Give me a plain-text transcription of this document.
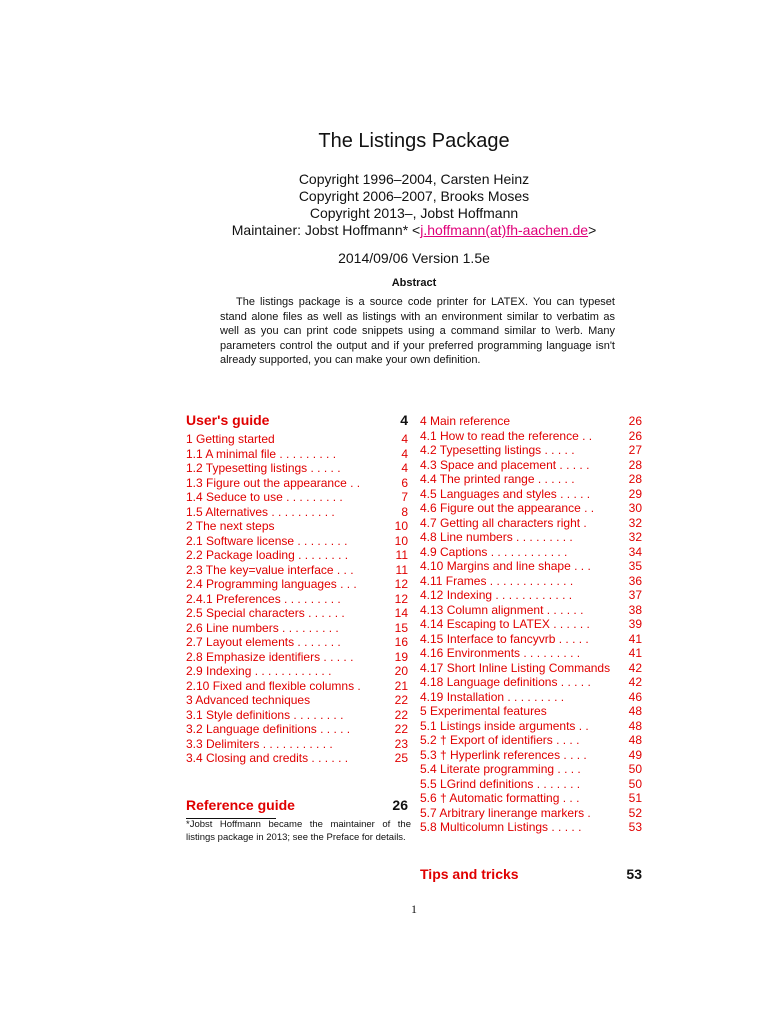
The Listings Package
Copyright 1996–2004, Carsten Heinz
Copyright 2006–2007, Brooks Moses
Copyright 2013–, Jobst Hoffmann
Maintainer: Jobst Hoffmann* <j.hoffmann(at)fh-aachen.de>
2014/09/06 Version 1.5e
Abstract
The listings package is a source code printer for LATEX. You can typeset stand alone files as well as listings with an environment similar to verbatim as well as you can print code snippets using a command similar to \verb. Many parameters control the output and if your preferred programming language isn't already supported, you can make your own definition.
User's guide	4
1 Getting started	4
1.1 A minimal file . . . . . . . . .	4
1.2 Typesetting listings . . . . .	4
1.3 Figure out the appearance . .	6
1.4 Seduce to use . . . . . . . . .	7
1.5 Alternatives . . . . . . . . . .	8
2 The next steps	10
2.1 Software license . . . . . . . .	10
2.2 Package loading . . . . . . . .	11
2.3 The key=value interface . . .	11
2.4 Programming languages . . .	12
2.4.1 Preferences . . . . . . . . .	12
2.5 Special characters . . . . . .	14
2.6 Line numbers . . . . . . . . .	15
2.7 Layout elements . . . . . . .	16
2.8 Emphasize identifiers . . . . .	19
2.9 Indexing . . . . . . . . . . . .	20
2.10 Fixed and flexible columns .	21
3 Advanced techniques	22
3.1 Style definitions . . . . . . . .	22
3.2 Language definitions . . . . .	22
3.3 Delimiters . . . . . . . . . . .	23
3.4 Closing and credits . . . . . .	25
Reference guide	26
4 Main reference	26
4.1 How to read the reference . .	26
4.2 Typesetting listings . . . . .	27
4.3 Space and placement . . . . .	28
4.4 The printed range . . . . . .	28
4.5 Languages and styles . . . . .	29
4.6 Figure out the appearance . .	30
4.7 Getting all characters right .	32
4.8 Line numbers . . . . . . . . .	32
4.9 Captions . . . . . . . . . . . .	34
4.10 Margins and line shape . . .	35
4.11 Frames . . . . . . . . . . . . .	36
4.12 Indexing . . . . . . . . . . . .	37
4.13 Column alignment . . . . . .	38
4.14 Escaping to LATEX . . . . . .	39
4.15 Interface to fancyvrb . . . . .	41
4.16 Environments . . . . . . . . .	41
4.17 Short Inline Listing Commands 42
4.18 Language definitions . . . . .	42
4.19 Installation . . . . . . . . .	46
5 Experimental features	48
5.1 Listings inside arguments . .	48
5.2 † Export of identifiers . . . .	48
5.3 † Hyperlink references . . . .	49
5.4 Literate programming . . . .	50
5.5 LGrind definitions . . . . . . .	50
5.6 † Automatic formatting . . .	51
5.7 Arbitrary linerange markers .	52
5.8 Multicolumn Listings . . . . .	53
Tips and tricks	53
*Jobst Hoffmann became the maintainer of the listings package in 2013; see the Preface for details.
1
